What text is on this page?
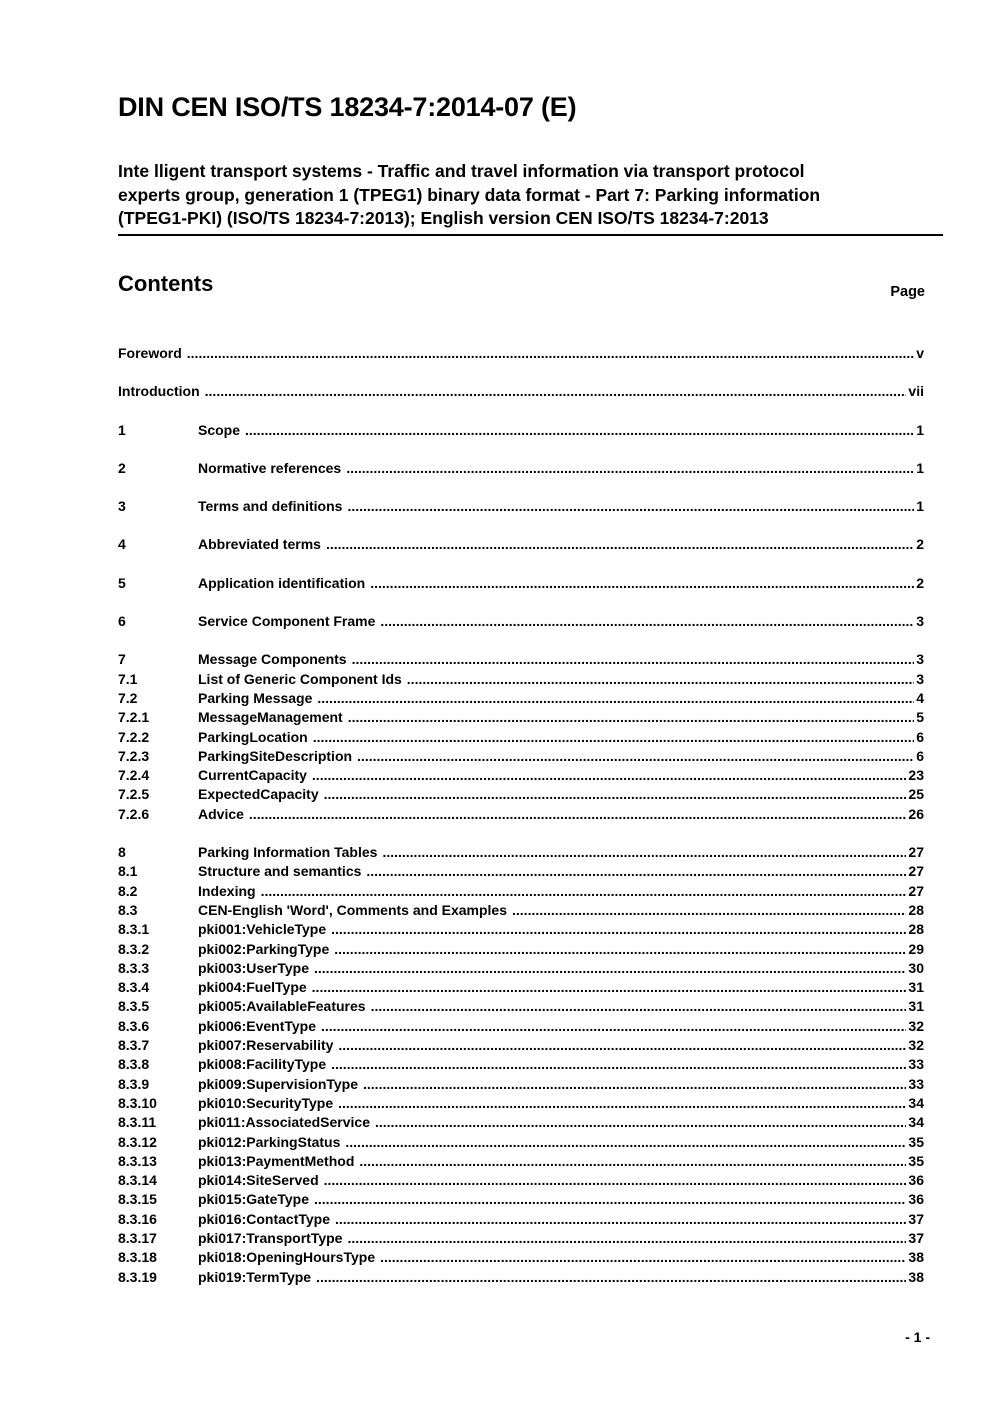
DIN CEN ISO/TS 18234-7:2014-07 (E)
Inte lligent transport systems - Traffic and travel information via transport protocol
experts group, generation 1 (TPEG1) binary data format - Part 7: Parking information
(TPEG1-PKI) (ISO/TS 18234-7:2013); English version CEN ISO/TS 18234-7:2013
Contents	Page
Foreword .....	v
Introduction .....	vii
1	Scope .....	1
2	Normative references .....	1
3	Terms and definitions .....	1
4	Abbreviated terms .....	2
5	Application identification .....	2
6	Service Component Frame .....	3
7	Message Components .....	3
7.1	List of Generic Component Ids .....	3
7.2	Parking Message .....	4
7.2.1	MessageManagement .....	5
7.2.2	ParkingLocation .....	6
7.2.3	ParkingSiteDescription .....	6
7.2.4	CurrentCapacity .....	23
7.2.5	ExpectedCapacity .....	25
7.2.6	Advice .....	26
8	Parking Information Tables .....	27
8.1	Structure and semantics .....	27
8.2	Indexing .....	27
8.3	CEN-English 'Word', Comments and Examples .....	28
8.3.1	pki001:VehicleType .....	28
8.3.2	pki002:ParkingType .....	29
8.3.3	pki003:UserType .....	30
8.3.4	pki004:FuelType .....	31
8.3.5	pki005:AvailableFeatures .....	31
8.3.6	pki006:EventType .....	32
8.3.7	pki007:Reservability .....	32
8.3.8	pki008:FacilityType .....	33
8.3.9	pki009:SupervisionType .....	33
8.3.10	pki010:SecurityType .....	34
8.3.11	pki011:AssociatedService .....	34
8.3.12	pki012:ParkingStatus .....	35
8.3.13	pki013:PaymentMethod .....	35
8.3.14	pki014:SiteServed .....	36
8.3.15	pki015:GateType .....	36
8.3.16	pki016:ContactType .....	37
8.3.17	pki017:TransportType .....	37
8.3.18	pki018:OpeningHoursType .....	38
8.3.19	pki019:TermType .....	38
- 1 -
